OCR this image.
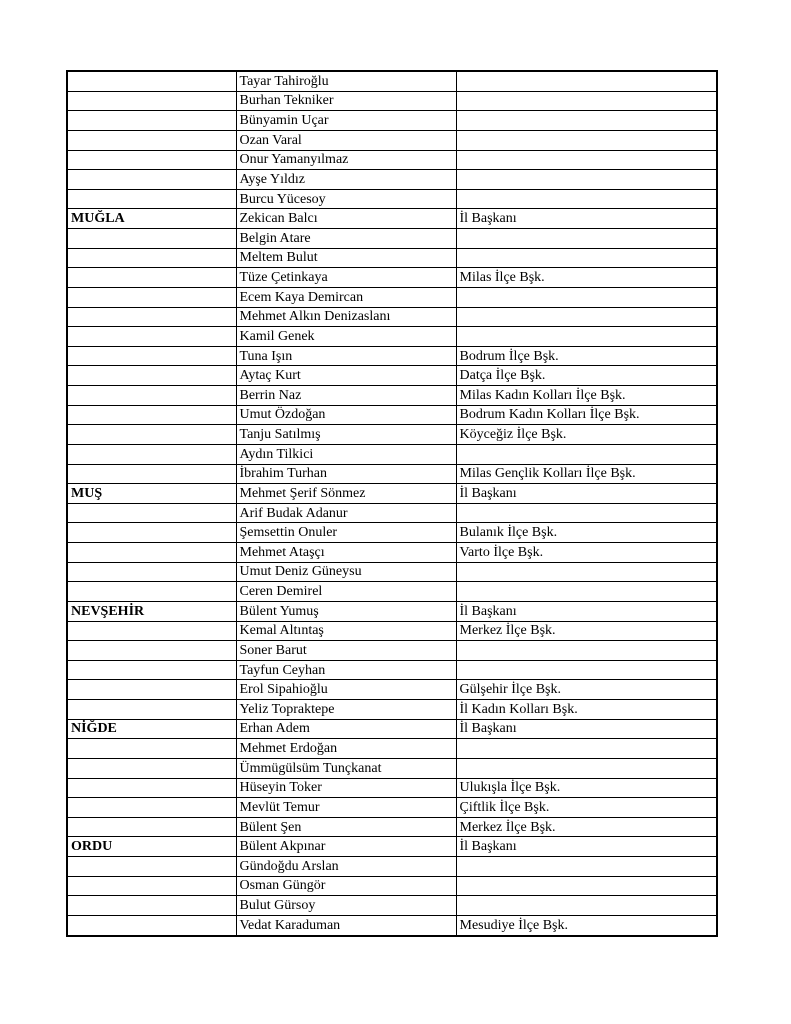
	Tayar Tahiroğlu	
	Burhan Tekniker	
	Bünyamin Uçar	
	Ozan Varal	
	Onur Yamanyılmaz	
	Ayşe Yıldız	
	Burcu Yücesoy	
MUĞLA	Zekican Balcı	İl Başkanı
	Belgin Atare	
	Meltem Bulut	
	Tüze Çetinkaya	Milas İlçe Bşk.
	Ecem Kaya Demircan	
	Mehmet Alkın Denizaslanı	
	Kamil Genek	
	Tuna Işın	Bodrum İlçe Bşk.
	Aytaç Kurt	Datça İlçe Bşk.
	Berrin Naz	Milas Kadın Kolları İlçe Bşk.
	Umut Özdoğan	Bodrum Kadın Kolları İlçe Bşk.
	Tanju Satılmış	Köyceğiz İlçe Bşk.
	Aydın Tilkici	
	İbrahim Turhan	Milas Gençlik Kolları İlçe Bşk.
MUŞ	Mehmet Şerif Sönmez	İl Başkanı
	Arif Budak Adanur	
	Şemsettin Onuler	Bulanık İlçe Bşk.
	Mehmet Ataşçı	Varto İlçe Bşk.
	Umut Deniz Güneysu	
	Ceren Demirel	
NEVŞEHİR	Bülent Yumuş	İl Başkanı
	Kemal Altıntaş	Merkez İlçe Bşk.
	Soner Barut	
	Tayfun Ceyhan	
	Erol Sipahioğlu	Gülşehir İlçe Bşk.
	Yeliz Topraktepe	İl Kadın Kolları Bşk.
NİĞDE	Erhan Adem	İl Başkanı
	Mehmet Erdoğan	
	Ümmügülsüm Tunçkanat	
	Hüseyin Toker	Ulukışla İlçe Bşk.
	Mevlüt Temur	Çiftlik İlçe Bşk.
	Bülent Şen	Merkez İlçe Bşk.
ORDU	Bülent Akpınar	İl Başkanı
	Gündoğdu Arslan	
	Osman Güngör	
	Bulut Gürsoy	
	Vedat Karaduman	Mesudiye İlçe Bşk.
